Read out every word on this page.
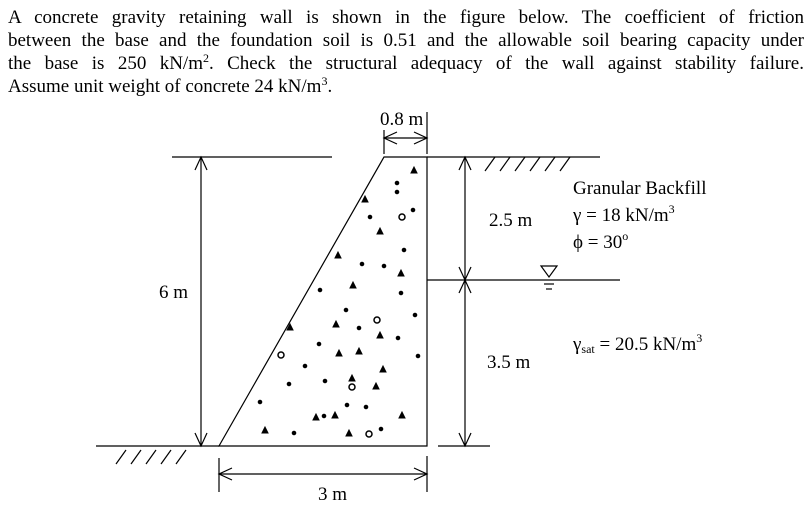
A concrete gravity retaining wall is shown in the figure below. The coefficient of friction
between the base and the foundation soil is 0.51 and the allowable soil bearing capacity under
the base is 250 $kN/m^2$. Check the structural adequacy of the wall against stability failure.
Assume unit weight of concrete 24 $kN/m^3$.

0.8 m
6 m
3 m
2.5 m
3.5 m
Granular Backfill
γ = 18 $kN/m^3$
$\phi = 30^o$
γsat = 20.5 $kN/m^3$
